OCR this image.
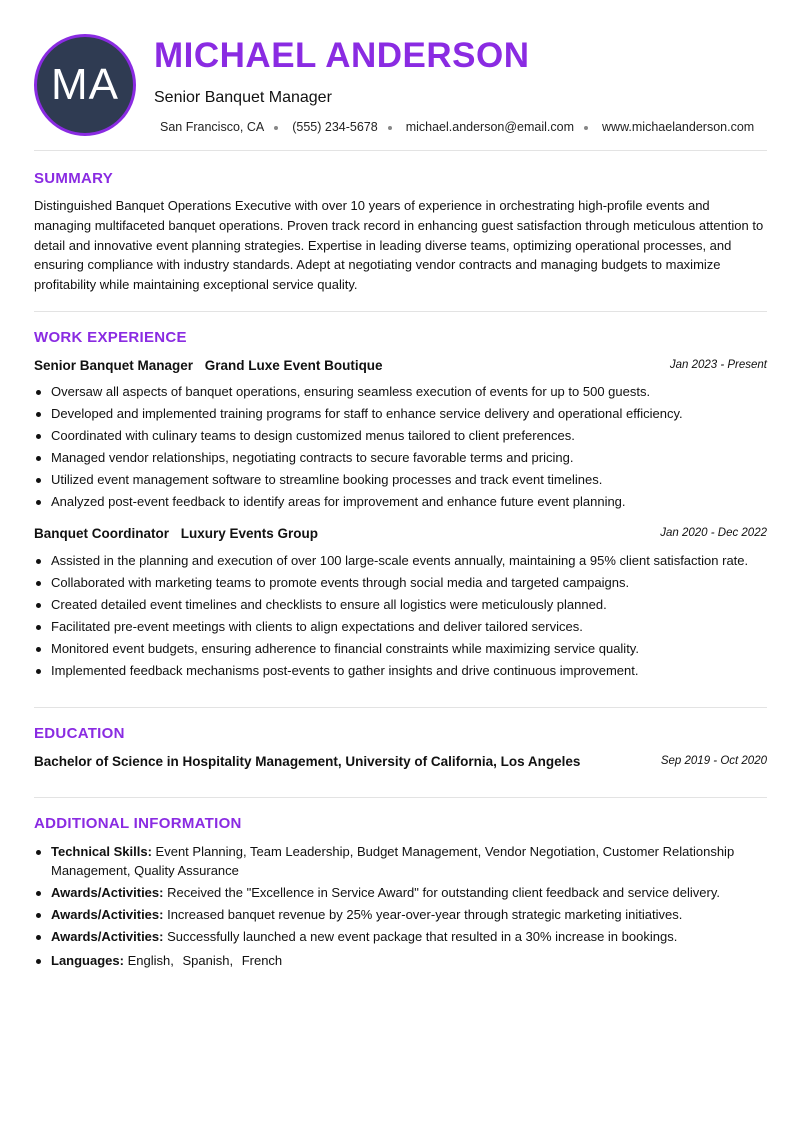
MA
MICHAEL ANDERSON
Senior Banquet Manager
San Francisco, CA (555) 234-5678 michael.anderson@email.com www.michaelanderson.com
SUMMARY

Distinguished Banquet Operations Executive with over 10 years of experience in orchestrating high-profile events and managing multifaceted banquet operations. Proven track record in enhancing guest satisfaction through meticulous attention to detail and innovative event planning strategies. Expertise in leading diverse teams, optimizing operational processes, and ensuring compliance with industry standards. Adept at negotiating vendor contracts and managing budgets to maximize profitability while maintaining exceptional service quality.

WORK EXPERIENCE
Senior Banquet Manager Grand Luxe Event Boutique	Jan 2023 - Present
Oversaw all aspects of banquet operations, ensuring seamless execution of events for up to 500 guests.
Developed and implemented training programs for staff to enhance service delivery and operational efficiency.
Coordinated with culinary teams to design customized menus tailored to client preferences.
Managed vendor relationships, negotiating contracts to secure favorable terms and pricing.
Utilized event management software to streamline booking processes and track event timelines.
Analyzed post-event feedback to identify areas for improvement and enhance future event planning.
Banquet Coordinator Luxury Events Group	Jan 2020 - Dec 2022
Assisted in the planning and execution of over 100 large-scale events annually, maintaining a 95% client satisfaction rate.
Collaborated with marketing teams to promote events through social media and targeted campaigns.
Created detailed event timelines and checklists to ensure all logistics were meticulously planned.
Facilitated pre-event meetings with clients to align expectations and deliver tailored services.
Monitored event budgets, ensuring adherence to financial constraints while maximizing service quality.
Implemented feedback mechanisms post-events to gather insights and drive continuous improvement.
EDUCATION
Bachelor of Science in Hospitality Management, University of California, Los Angeles	Sep 2019 - Oct 2020
ADDITIONAL INFORMATION
Technical Skills: Event Planning, Team Leadership, Budget Management, Vendor Negotiation, Customer Relationship Management, Quality Assurance
Awards/Activities: Received the "Excellence in Service Award" for outstanding client feedback and service delivery.
Awards/Activities: Increased banquet revenue by 25% year-over-year through strategic marketing initiatives.
Awards/Activities: Successfully launched a new event package that resulted in a 30% increase in bookings.
Languages: English, Spanish, French
